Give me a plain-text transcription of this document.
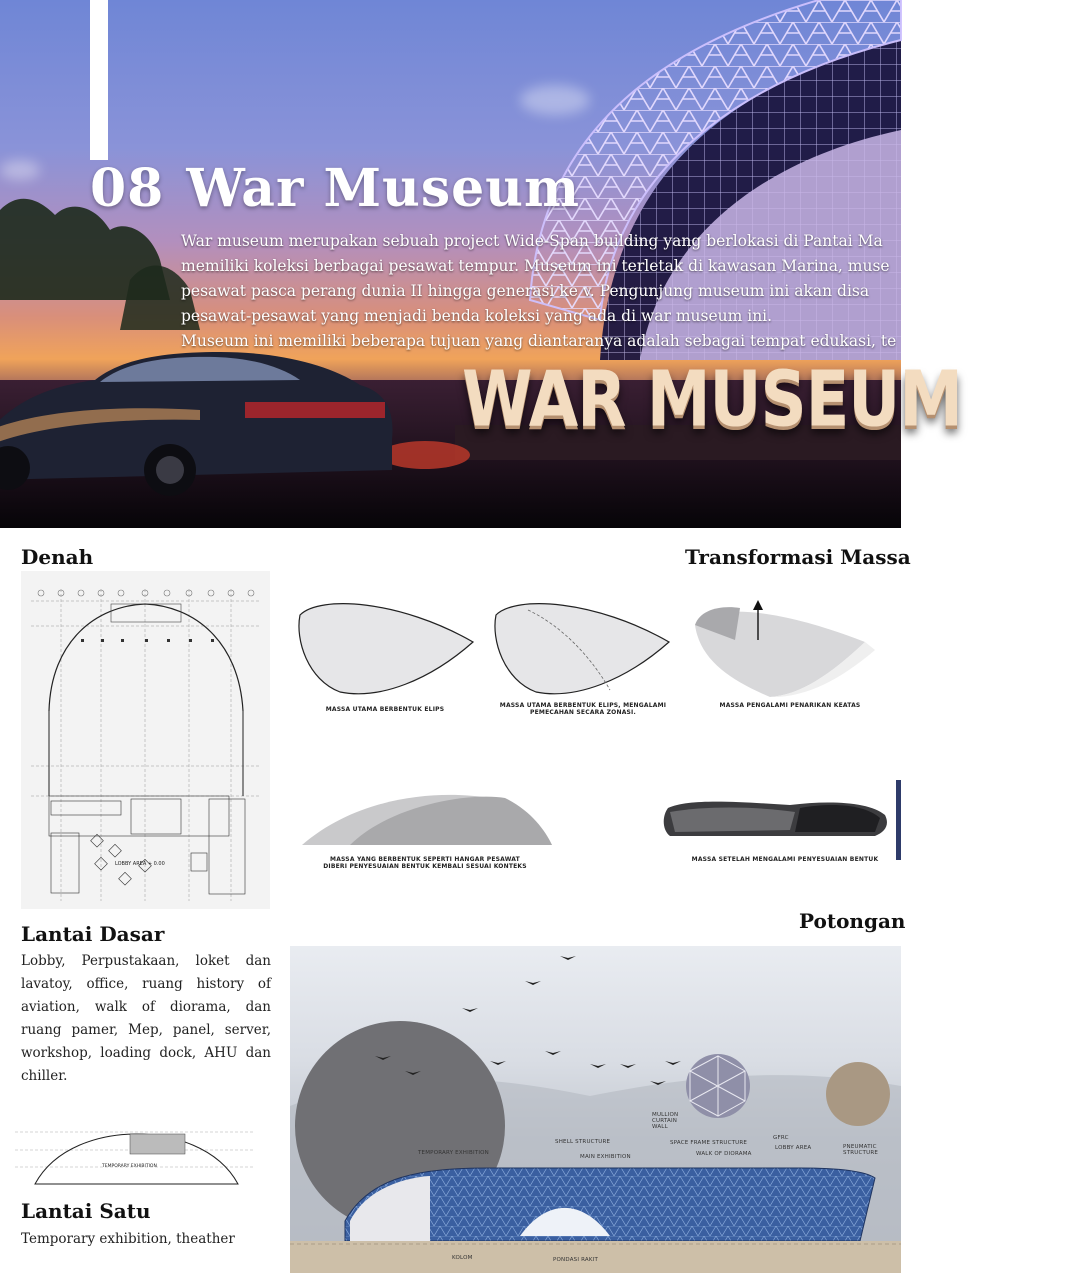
08 War Museum
War museum merupakan sebuah project Wide-Span building yang berlokasi di Pantai Ma
memiliki koleksi berbagai pesawat tempur. Museum ini terletak di kawasan Marina, muse
pesawat pasca perang dunia II hingga generasi ke v. Pengunjung museum ini akan disa
pesawat-pesawat yang menjadi benda koleksi yang ada di war museum ini.
Museum ini memiliki beberapa tujuan yang diantaranya adalah sebagai tempat edukasi, te
WAR MUSEUM
Denah
LOBBY AREA + 0.00
Lantai Dasar

Lobby, Perpustakaan, loket dan lavatoy, office, ruang history of aviation, walk of diorama, dan ruang pamer, Mep, panel, server, workshop, loading dock, AHU dan chiller.

TEMPORARY EXHIBITION
Lantai Satu

Temporary exhibition, theather

Transformasi Massa
MASSA UTAMA BERBENTUK ELIPS
MASSA UTAMA BERBENTUK ELIPS, MENGALAMI PEMECAHAN SECARA ZONASI.
MASSA PENGALAMI PENARIKAN KEATAS
MASSA YANG BERBENTUK SEPERTI HANGAR PESAWAT DIBERI PENYESUAIAN BENTUK KEMBALI SESUAI KONTEKS
MASSA SETELAH MENGALAMI PENYESUAIAN BENTUK
Potongan
TEMPORARY EXHIBITION
SHELL STRUCTURE
MAIN EXHIBITION
MULLION CURTAIN WALL
SPACE FRAME STRUCTURE
WALK OF DIORAMA
GFRC
LOBBY AREA	PNEUMATIC STRUCTURE
KOLOM	PONDASI RAKIT
